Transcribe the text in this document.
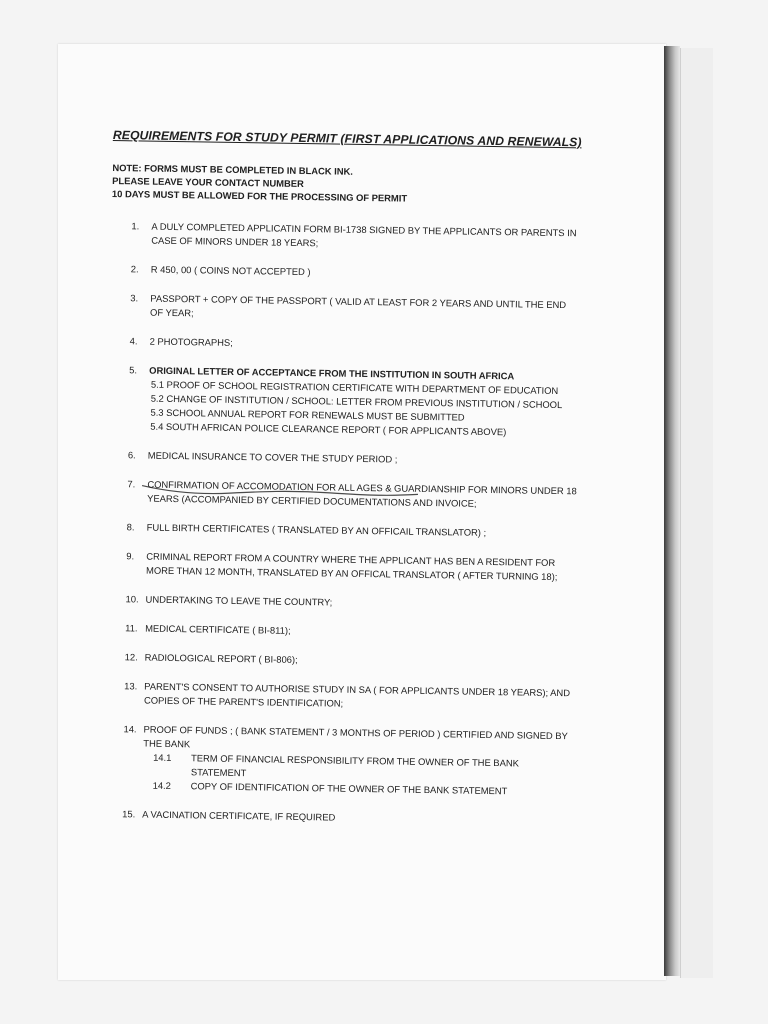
REQUIREMENTS FOR STUDY PERMIT (FIRST APPLICATIONS AND RENEWALS)
NOTE: FORMS MUST BE COMPLETED IN BLACK INK.
PLEASE LEAVE YOUR CONTACT NUMBER
10 DAYS MUST BE ALLOWED FOR THE PROCESSING OF PERMIT
1. A DULY COMPLETED APPLICATIN FORM BI-1738 SIGNED BY THE APPLICANTS OR PARENTS IN CASE OF MINORS UNDER 18 YEARS;
2. R 450, 00 ( COINS NOT ACCEPTED )
3. PASSPORT + COPY OF THE PASSPORT ( VALID AT LEAST FOR 2 YEARS AND UNTIL THE END OF YEAR;
4. 2 PHOTOGRAPHS;
5. ORIGINAL LETTER OF ACCEPTANCE FROM THE INSTITUTION IN SOUTH AFRICA
5.1 PROOF OF SCHOOL REGISTRATION CERTIFICATE WITH DEPARTMENT OF EDUCATION
5.2 CHANGE OF INSTITUTION / SCHOOL: LETTER FROM PREVIOUS INSTITUTION / SCHOOL
5.3 SCHOOL ANNUAL REPORT FOR RENEWALS MUST BE SUBMITTED
5.4 SOUTH AFRICAN POLICE CLEARANCE REPORT ( FOR APPLICANTS ABOVE)
6. MEDICAL INSURANCE TO COVER THE STUDY PERIOD ;
7. CONFIRMATION OF ACCOMODATION FOR ALL AGES & GUARDIANSHIP FOR MINORS UNDER 18 YEARS (ACCOMPANIED BY CERTIFIED DOCUMENTATIONS AND INVOICE;
8. FULL BIRTH CERTIFICATES ( TRANSLATED BY AN OFFICAIL TRANSLATOR) ;
9. CRIMINAL REPORT FROM A COUNTRY WHERE THE APPLICANT HAS BEN A RESIDENT FOR MORE THAN 12 MONTH, TRANSLATED BY AN OFFICAL TRANSLATOR ( AFTER TURNING 18);
10. UNDERTAKING TO LEAVE THE COUNTRY;
11. MEDICAL CERTIFICATE ( BI-811);
12. RADIOLOGICAL REPORT ( BI-806);
13. PARENT'S CONSENT TO AUTHORISE STUDY IN SA ( FOR APPLICANTS UNDER 18 YEARS); AND COPIES OF THE PARENT'S IDENTIFICATION;
14. PROOF OF FUNDS ; ( BANK STATEMENT / 3 MONTHS OF PERIOD ) CERTIFIED AND SIGNED BY THE BANK
14.1 TERM OF FINANCIAL RESPONSIBILITY FROM THE OWNER OF THE BANK STATEMENT
14.2 COPY OF IDENTIFICATION OF THE OWNER OF THE BANK STATEMENT
15. A VACINATION CERTIFICATE, IF REQUIRED
